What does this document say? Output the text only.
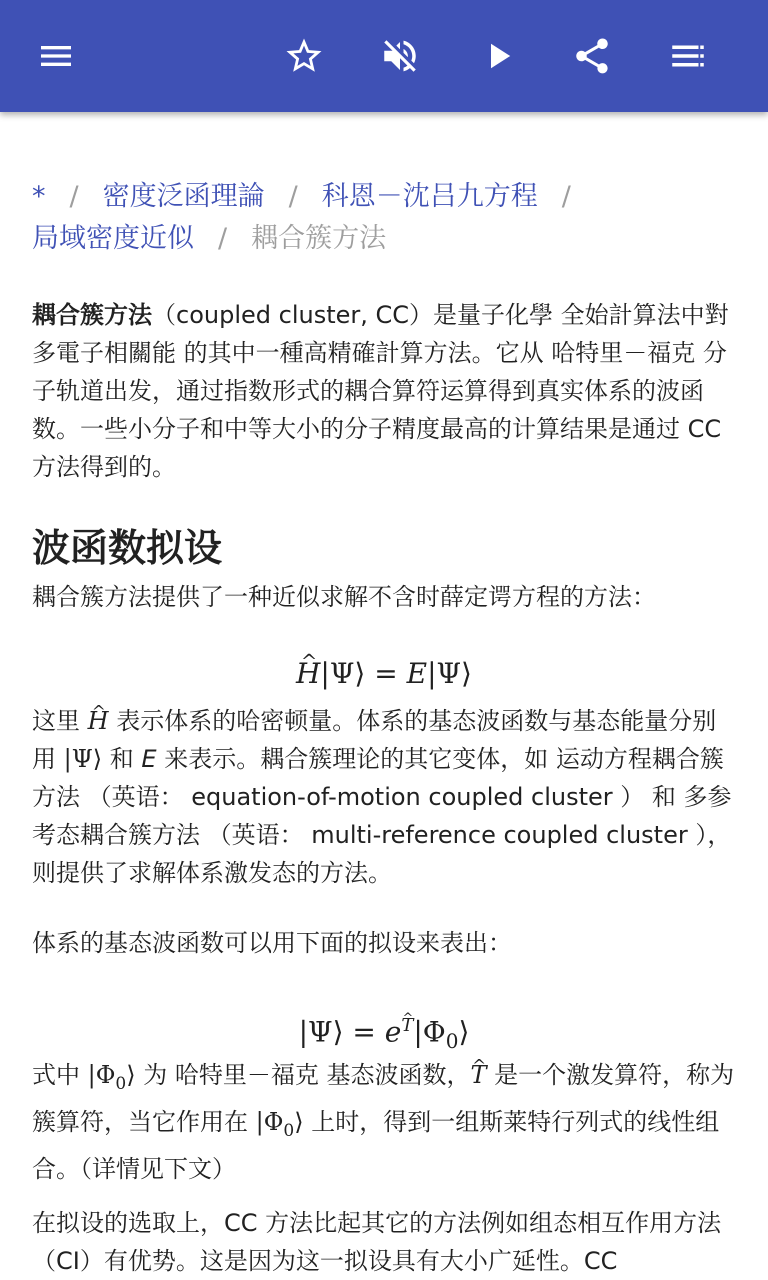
* / 密度泛函理論 / 科恩－沈吕九方程 /
局域密度近似 / 耦合簇方法

耦合簇方法（coupled cluster, CC）是量子化學 全始計算法中對 多電子相關能 的其中一種高精確計算方法。它从 哈特里－福克 分子轨道出发，通过指数形式的耦合算符运算得到真实体系的波函数。一些小分子和中等大小的分子精度最高的计算结果是通过 CC 方法得到的。

波函数拟设

耦合簇方法提供了一种近似求解不含时薛定谔方程的方法：

^ H|Ψ⟩ = E|Ψ⟩

这里 ^ H 表示体系的哈密顿量。体系的基态波函数与基态能量分别用 |Ψ⟩ 和 E 来表示。耦合簇理论的其它变体，如 运动方程耦合簇方法 （英语： equation-of-motion coupled cluster ） 和 多参考态耦合簇方法 （英语： multi-reference coupled cluster ），则提供了求解体系激发态的方法。

体系的基态波函数可以用下面的拟设来表出：

|Ψ⟩ = e^ $^T|\Phi_0⟩$

式中 $|\Phi_0⟩$ 为 哈特里－福克 基态波函数，^ T 是一个激发算符，称为簇算符，当它作用在 $|\Phi_0⟩$ 上时，得到一组斯莱特行列式的线性组合。（详情见下文）

在拟设的选取上，CC 方法比起其它的方法例如组态相互作用方法（CI）有优势。这是因为这一拟设具有大小广延性。CC
